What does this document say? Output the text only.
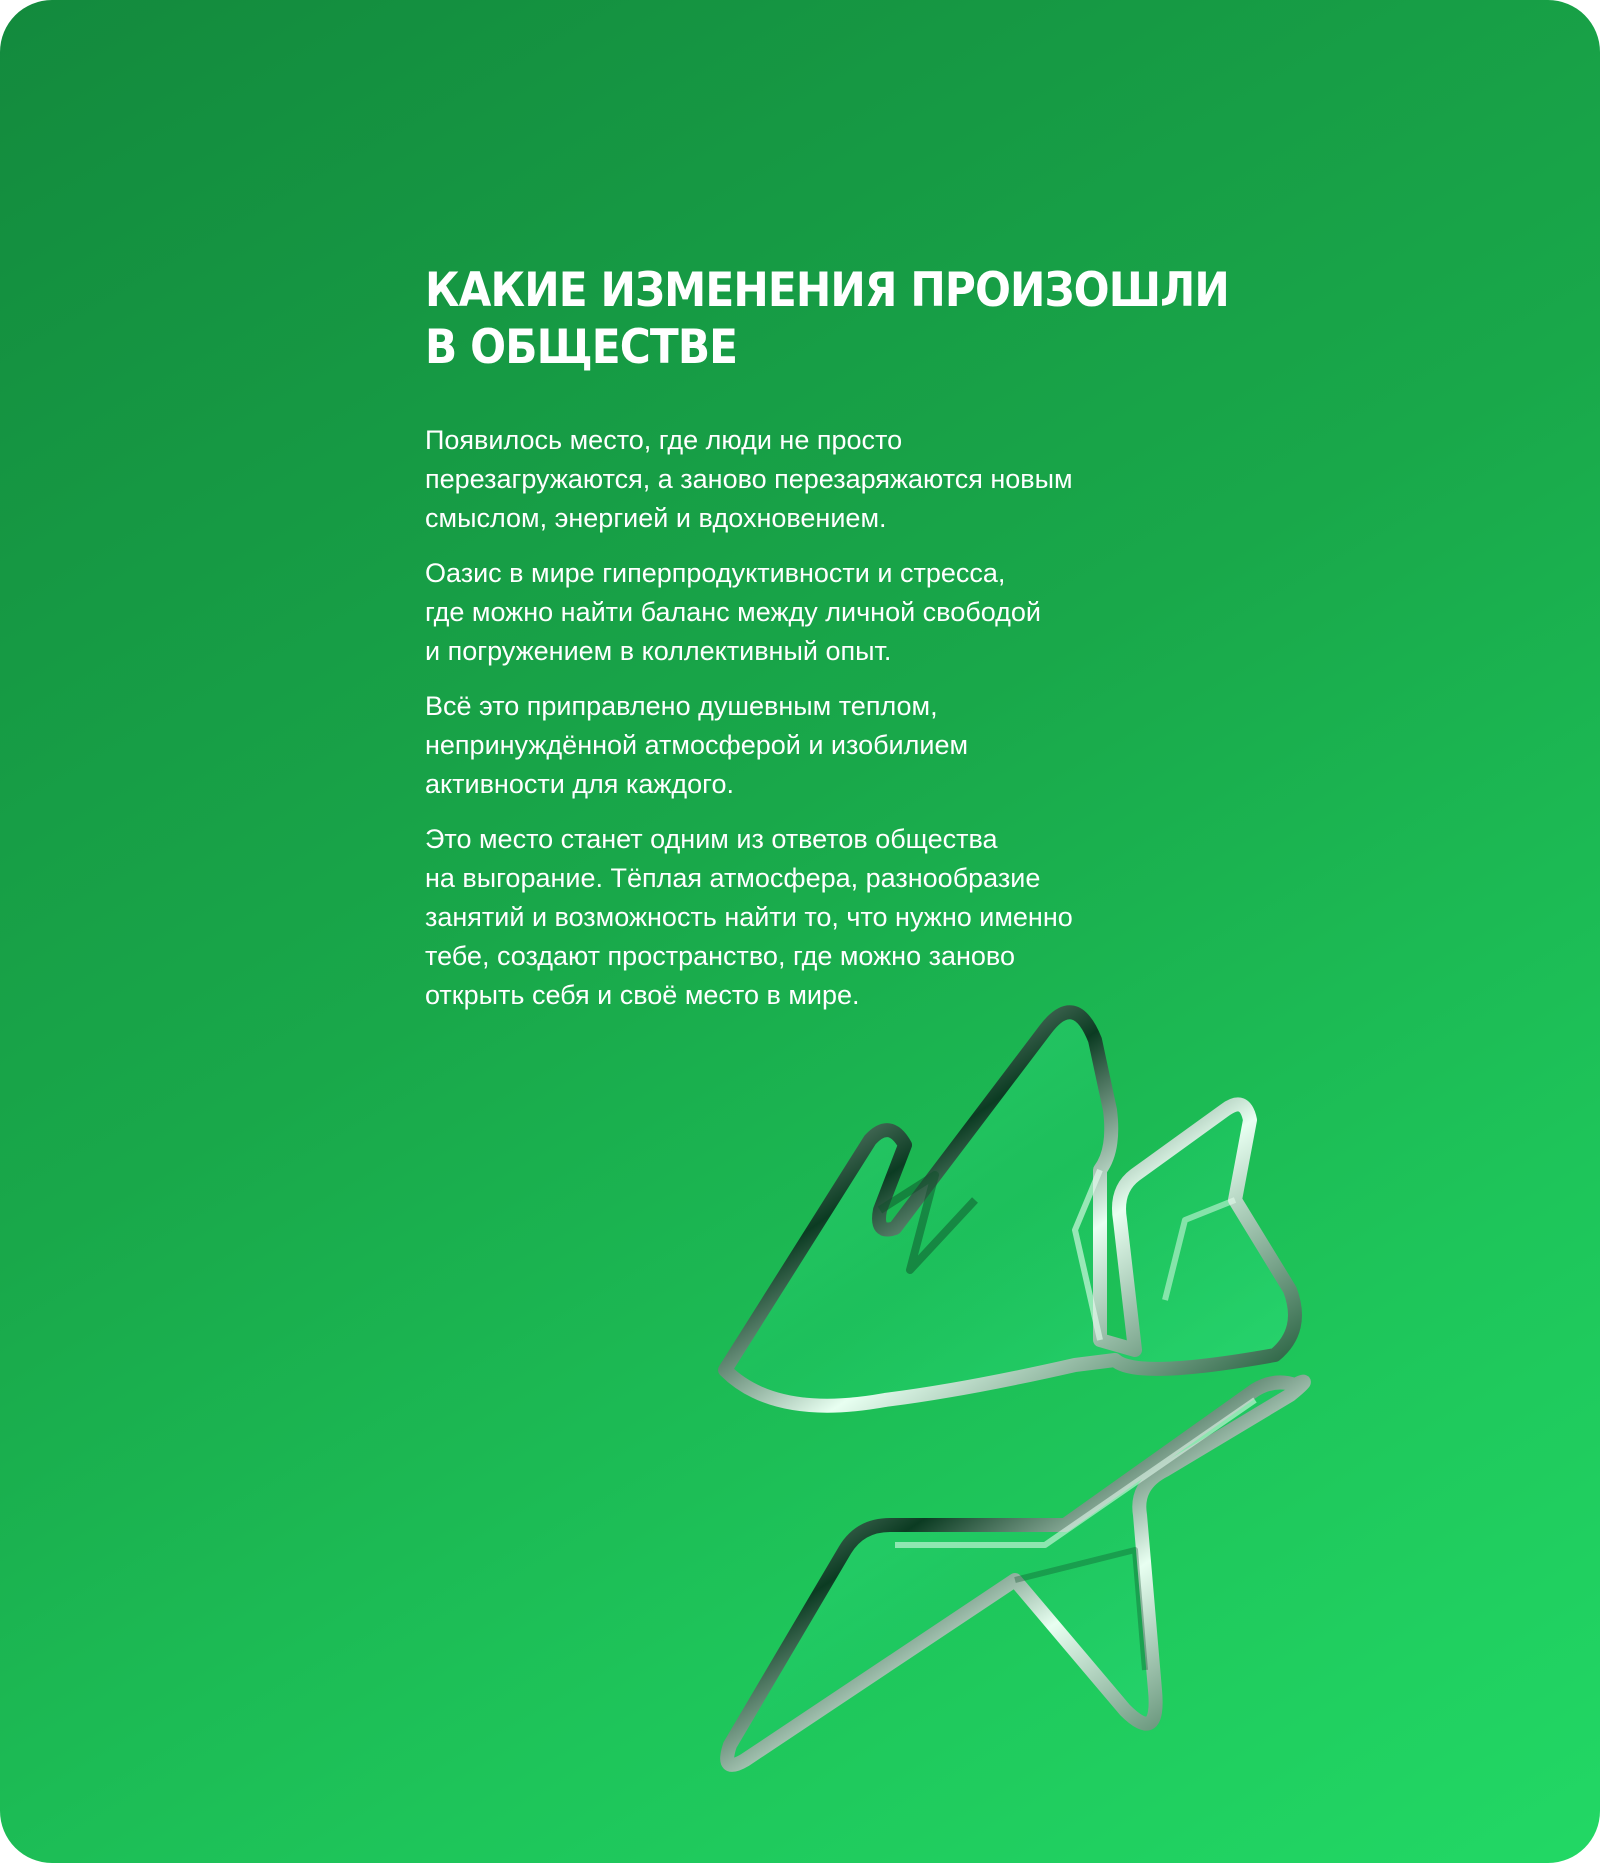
КАКИЕ ИЗМЕНЕНИЯ ПРОИЗОШЛИ
В ОБЩЕСТВЕ

Появилось место, где люди не просто
перезагружаются, а заново перезаряжаются новым
смыслом, энергией и вдохновением.

Оазис в мире гиперпродуктивности и стресса,
где можно найти баланс между личной свободой
и погружением в коллективный опыт.

Всё это приправлено душевным теплом,
непринуждённой атмосферой и изобилием
активности для каждого.

Это место станет одним из ответов общества
на выгорание. Тёплая атмосфера, разнообразие
занятий и возможность найти то, что нужно именно
тебе, создают пространство, где можно заново
открыть себя и своё место в мире.
